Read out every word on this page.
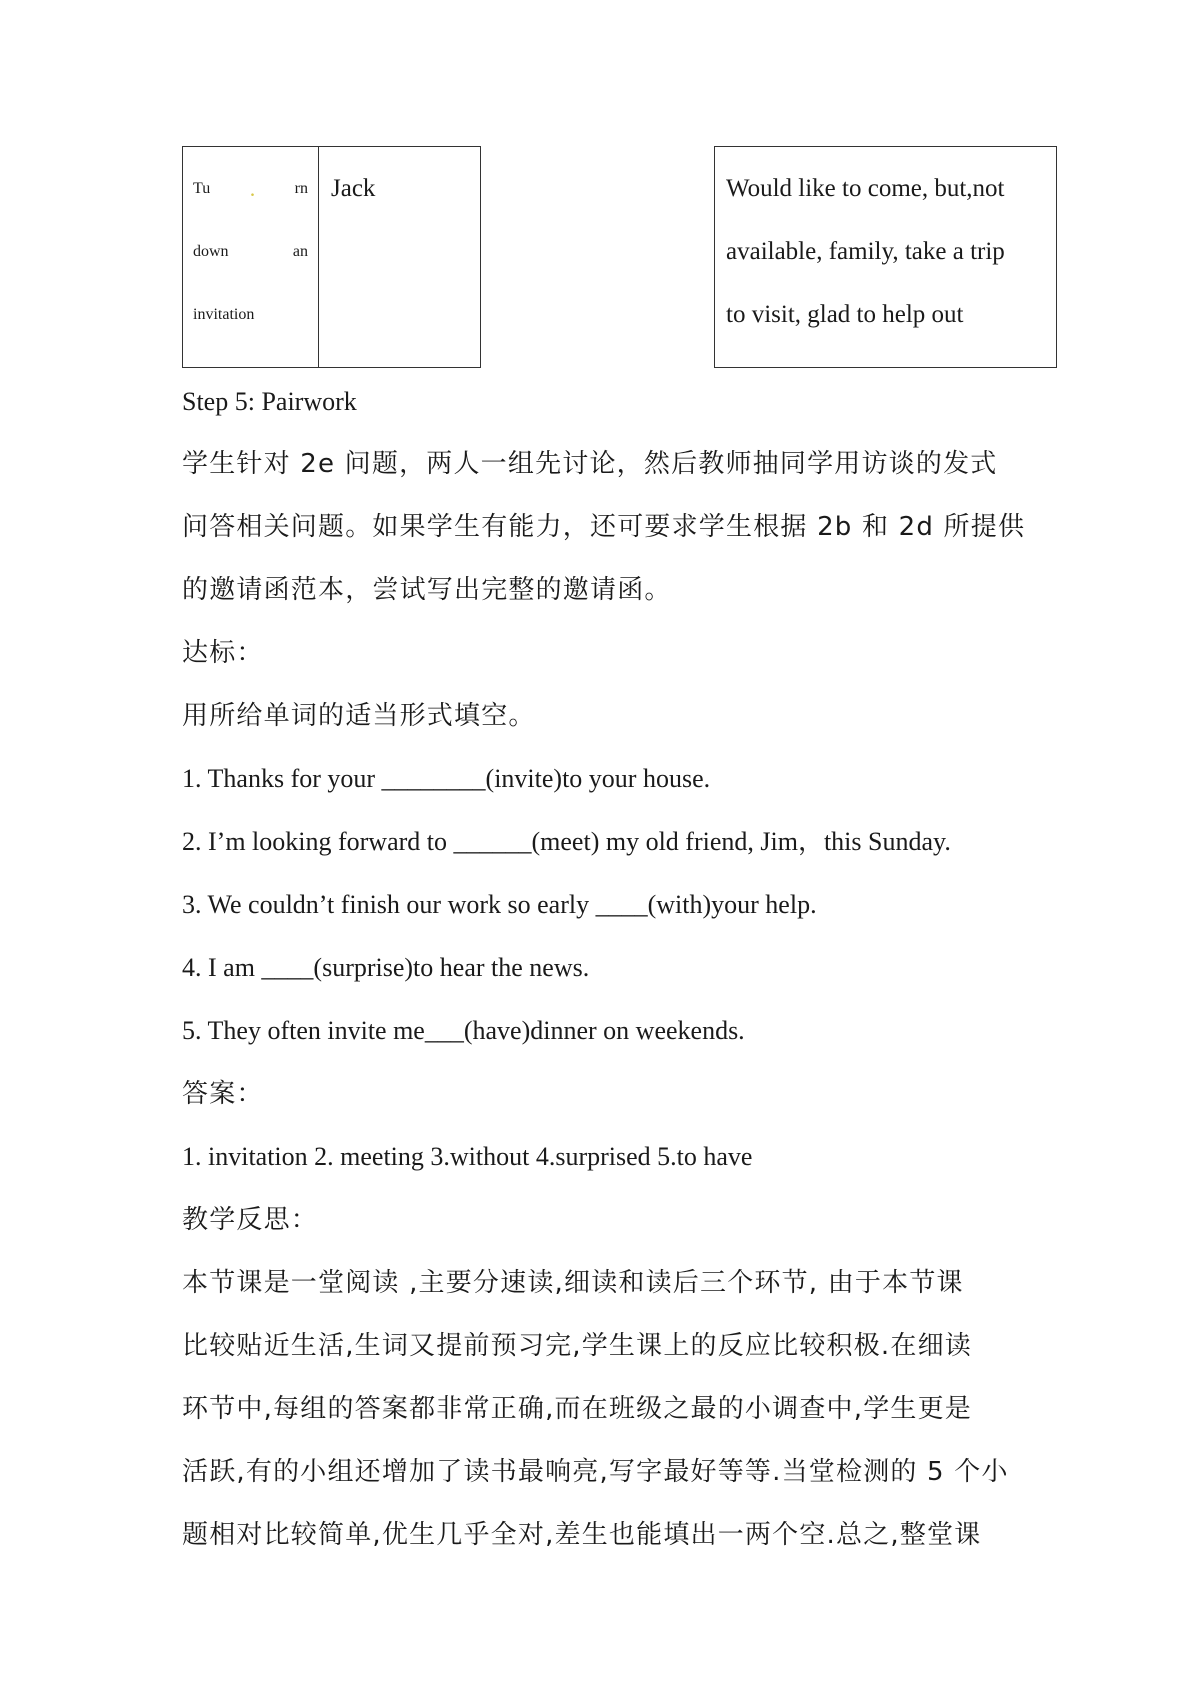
Tu . rn
down	an
invitation
Jack	Would like to come, but,not
available, family, take a trip
to visit, glad to help out
Step 5: Pairwork
学生针对 2e 问题，两人一组先讨论，然后教师抽同学用访谈的发式
问答相关问题。如果学生有能力，还可要求学生根据 2b 和 2d 所提供
的邀请函范本，尝试写出完整的邀请函。
达标：
用所给单词的适当形式填空。
1. Thanks for your ________(invite)to your house.
2. I’m looking forward to ______(meet) my old friend, Jim，this Sunday.
3. We couldn’t finish our work so early ____(with)your help.
4. I am ____(surprise)to hear the news.
5. They often invite me___(have)dinner on weekends.
答案：
1. invitation 2. meeting 3.without 4.surprised 5.to have
教学反思：
本节课是一堂阅读 ,主要分速读,细读和读后三个环节, 由于本节课
比较贴近生活,生词又提前预习完,学生课上的反应比较积极.在细读
环节中,每组的答案都非常正确,而在班级之最的小调查中,学生更是
活跃,有的小组还增加了读书最响亮,写字最好等等.当堂检测的 5 个小
题相对比较简单,优生几乎全对,差生也能填出一两个空.总之,整堂课
